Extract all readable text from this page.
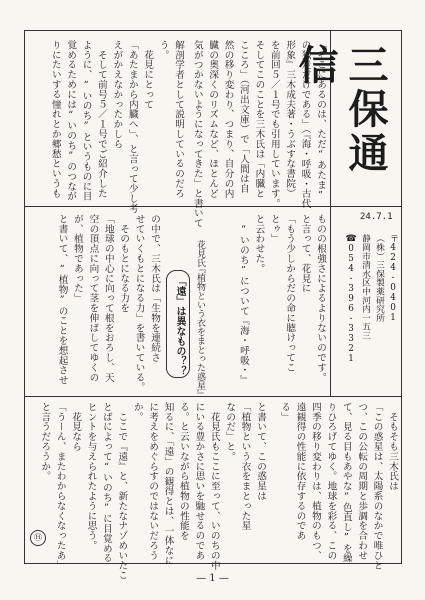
三保通信
24.7.1
〒424-0401
（株）三保製薬研究所
静岡市清水区中河内一五三
☎054‐396‐3321

「そこにあるのは、ただ“あたま”

の独走だけである」（『海・呼吸・古代

形象』三木成夫著・うぶすな書院）

を前回５／１号でも引用しています。

そしてこのことを三木氏は「内臓と

こころ」（河出文庫）で「人間は自

然の移り変わり、つまり、自分の内

臓の奥深くのリズムなど、ほとんど

気がつかないようになってきた」と書いて

解剖学者として説明しているのだろ

う。

　花見にとって

「あたまから内臓へ」、と言って少し考

えがかえなかったかしら

　そして前号５／１号でご紹介した

ように、“いのち”というものに目

覚めるためには“いのち”のつなが

りにたいする憧れとか郷愁というも

ものの根強さによるよりないのです。

と言って、花見に

「もう少しからだの命に聴けってこ

とゥ」

と云わせた。

　“いのち”について『海・呼吸・』

花見氏
『植物という衣をまとった惑星』
「遠」は異なもの？？

の中で、三木氏は「生物を連続さ

せていくもとになる力」を書いている。

　そのもとになる力を

「地球の中心に向って根をおろし、天

空の頂点に向って茎を伸ばしてゆくの

が、植物であった」

と書いて、“植物”のことを想起させ

　そもそも三木氏は

「この惑星は、太陽系のなかで唯ひと

つ、この公転の周期と歩調を合わせ

て、見る目もあやな“色直し”を繰

りひろげてゆく。地球を彩る、この

四季の移り変わりは、植物のもつ、

遠観得の性能に依存するのであ

る」

と書いて、この惑星は

「植物という衣をまとった星

なのだ」と。

　花見氏もここに至って、いのちの中

にいる豊かさに思いを馳せるのであ

る。と云いながら植物の性能を

知るに、「遠」の観得とは、一体なに

に考えをめぐらすのではないだろう

か。

　ここで『遠』と、新たなナゾめいたこ

とばによって“いのち”に目覚める

ヒントを与えられたように思う。

　花見なら

「うーん、またわからなくなったあ」

と言うだろうか。

Ⓗ
— 1 —
